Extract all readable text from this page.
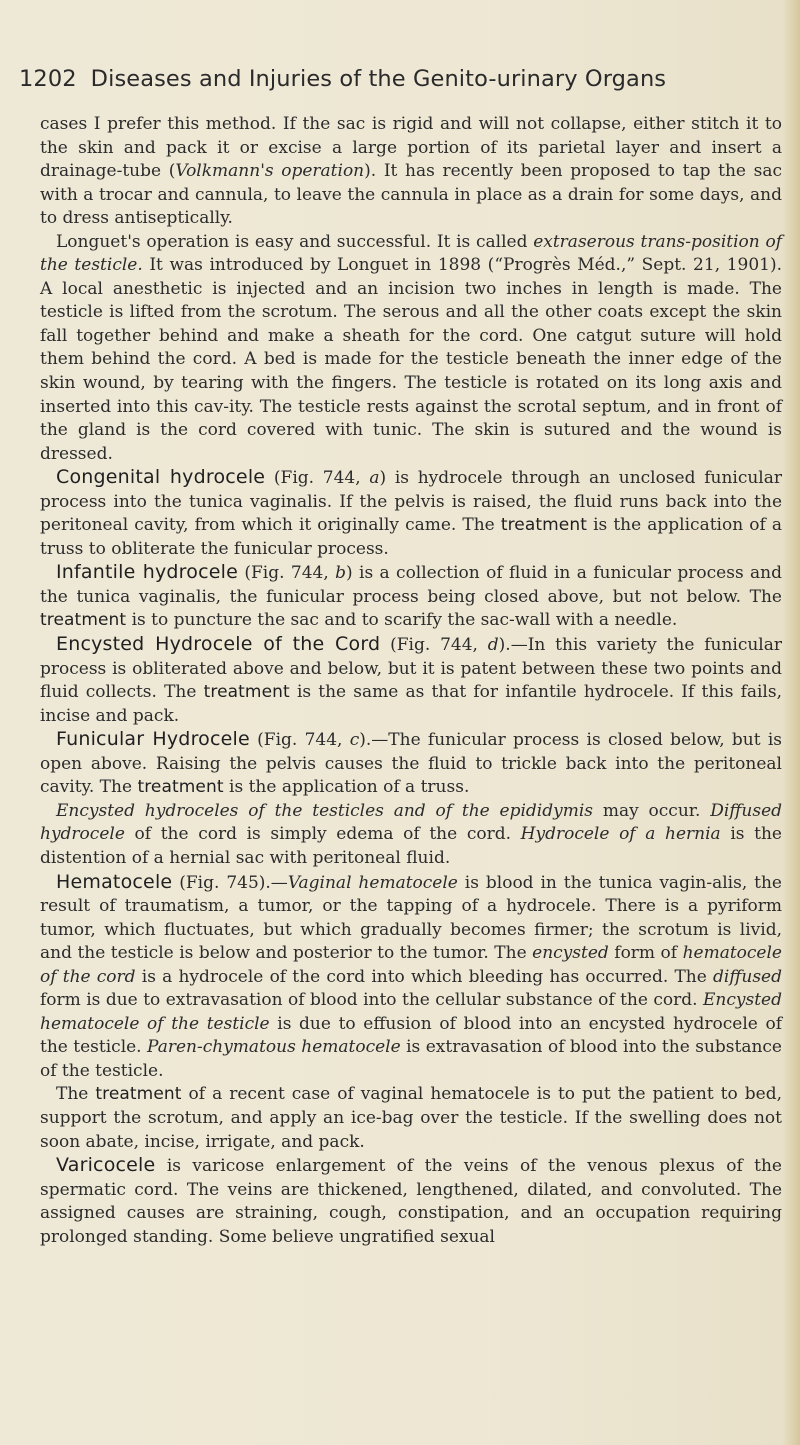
1202 Diseases and Injuries of the Genito-urinary Organs

cases I prefer this method. If the sac is rigid and will not collapse, either stitch it to the skin and pack it or excise a large portion of its parietal layer and insert a drainage-tube (Volkmann's operation). It has recently been proposed to tap the sac with a trocar and cannula, to leave the cannula in place as a drain for some days, and to dress antiseptically.

Longuet's operation is easy and successful. It is called extraserous trans-position of the testicle. It was introduced by Longuet in 1898 (“Progrès Méd.,” Sept. 21, 1901). A local anesthetic is injected and an incision two inches in length is made. The testicle is lifted from the scrotum. The serous and all the other coats except the skin fall together behind and make a sheath for the cord. One catgut suture will hold them behind the cord. A bed is made for the testicle beneath the inner edge of the skin wound, by tearing with the fingers. The testicle is rotated on its long axis and inserted into this cav-ity. The testicle rests against the scrotal septum, and in front of the gland is the cord covered with tunic. The skin is sutured and the wound is dressed.

Congenital hydrocele (Fig. 744, a) is hydrocele through an unclosed funicular process into the tunica vaginalis. If the pelvis is raised, the fluid runs back into the peritoneal cavity, from which it originally came. The treatment is the application of a truss to obliterate the funicular process.

Infantile hydrocele (Fig. 744, b) is a collection of fluid in a funicular process and the tunica vaginalis, the funicular process being closed above, but not below. The treatment is to puncture the sac and to scarify the sac-wall with a needle.

Encysted Hydrocele of the Cord (Fig. 744, d).—In this variety the funicular process is obliterated above and below, but it is patent between these two points and fluid collects. The treatment is the same as that for infantile hydrocele. If this fails, incise and pack.

Funicular Hydrocele (Fig. 744, c).—The funicular process is closed below, but is open above. Raising the pelvis causes the fluid to trickle back into the peritoneal cavity. The treatment is the application of a truss.

Encysted hydroceles of the testicles and of the epididymis may occur. Diffused hydrocele of the cord is simply edema of the cord. Hydrocele of a hernia is the distention of a hernial sac with peritoneal fluid.

Hematocele (Fig. 745).—Vaginal hematocele is blood in the tunica vagin-alis, the result of traumatism, a tumor, or the tapping of a hydrocele. There is a pyriform tumor, which fluctuates, but which gradually becomes firmer; the scrotum is livid, and the testicle is below and posterior to the tumor. The encysted form of hematocele of the cord is a hydrocele of the cord into which bleeding has occurred. The diffused form is due to extravasation of blood into the cellular substance of the cord. Encysted hematocele of the testicle is due to effusion of blood into an encysted hydrocele of the testicle. Paren-chymatous hematocele is extravasation of blood into the substance of the testicle.

The treatment of a recent case of vaginal hematocele is to put the patient to bed, support the scrotum, and apply an ice-bag over the testicle. If the swelling does not soon abate, incise, irrigate, and pack.

Varicocele is varicose enlargement of the veins of the venous plexus of the spermatic cord. The veins are thickened, lengthened, dilated, and convoluted. The assigned causes are straining, cough, constipation, and an occupation requiring prolonged standing. Some believe ungratified sexual
